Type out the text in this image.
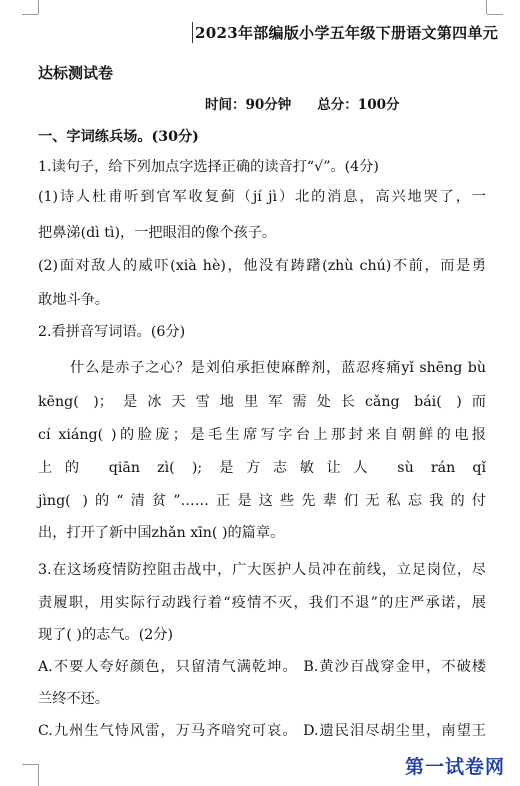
2023年部编版小学五年级下册语文第四单元
达标测试卷
时间：90分钟 总分：100分
一、字词练兵场。(30分)
1.读句子，给下列加点字选择正确的读音打“√”。(4分)
(1)诗人杜甫听到官军收复蓟（jí jì）北的消息，高兴地哭了，一
把鼻涕(dì tì)，一把眼泪的像个孩子。
(2)面对敌人的威吓(xià hè)，他没有踌躇(zhù chú)不前，而是勇
敢地斗争。
2.看拼音写词语。(6分)
什么是赤子之心？是刘伯承拒使麻醉剂，蓝忍疼痛yǐ shēng bù
kēng( )；是冰天雪地里军需处长cǎng bái( )而
cí xiáng( )的脸庞；是毛生席写字台上那封来自朝鲜的电报
上的 qiān zì( ); 是方志敏让人 sù rán qǐ
jìng( )的“清贫”……正是这些先辈们无私忘我的付
出，打开了新中国zhǎn xīn( )的篇章。
3.在这场疫情防控阻击战中，广大医护人员冲在前线，立足岗位，尽
责履职，用实际行动践行着“疫情不灭，我们不退”的庄严承诺，展
现了( )的志气。(2分)
A.不要人夸好颜色，只留清气满乾坤。 B.黄沙百战穿金甲，不破楼
兰终不还。
C.九州生气恃风雷，万马齐喑究可哀。 D.遗民泪尽胡尘里，南望王
第一试卷网
